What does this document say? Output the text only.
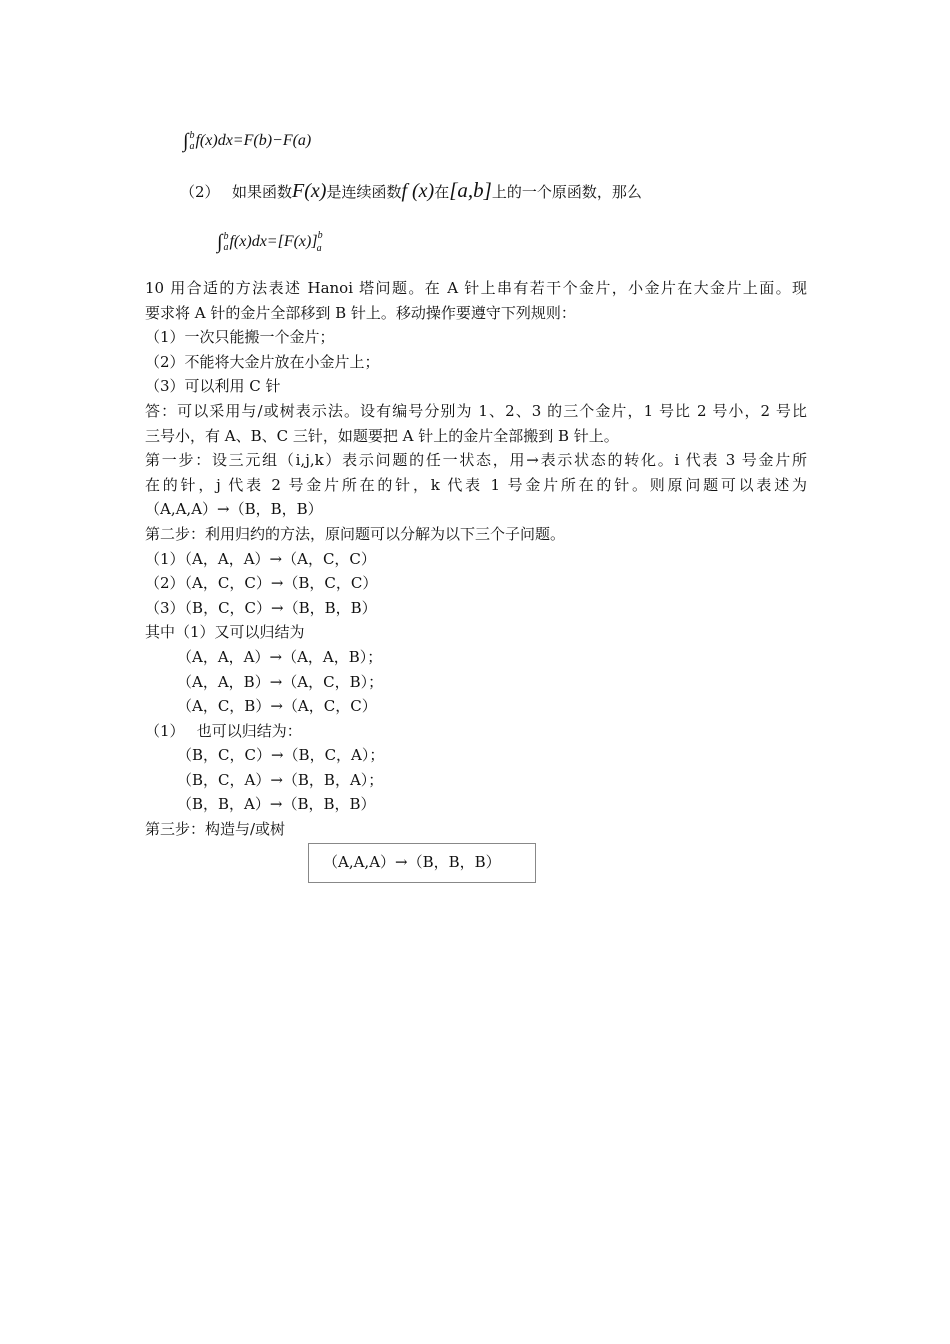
∫ b
a f(x)dx=F(b)−F(a)
（2） 如果函数F(x)是连续函数f (x)在[a,b]上的一个原函数，那么
∫ b
a $f(x)dx=[F(x)]^b_a$

10 用合适的方法表述 Hanoi 塔问题。在 A 针上串有若干个金片，小金片在大金片上面。现

要求将 A 针的金片全部移到 B 针上。移动操作要遵守下列规则：

（1）一次只能搬一个金片；

（2）不能将大金片放在小金片上；

（3）可以利用 C 针

答：可以采用与/或树表示法。设有编号分别为 1、2、3 的三个金片，1 号比 2 号小，2 号比

三号小，有 A、B、C 三针，如题要把 A 针上的金片全部搬到 B 针上。

第一步：设三元组（i,j,k）表示问题的任一状态，用→表示状态的转化。i 代表 3 号金片所

在的针，j 代表 2 号金片所在的针，k 代表 1 号金片所在的针。则原问题可以表述为

（A,A,A）→（B，B，B）

第二步：利用归约的方法，原问题可以分解为以下三个子问题。

（1）（A，A，A）→（A，C，C）

（2）（A，C，C）→（B，C，C）

（3）（B，C，C）→（B，B，B）

其中（1）又可以归结为

（A，A，A）→（A，A，B）；

（A，A，B）→（A，C，B）；

（A，C，B）→（A，C，C）

（1）　 也可以归结为：

（B，C，C）→（B，C，A）；

（B，C，A）→（B，B，A）；

（B，B，A）→（B，B，B）

第三步：构造与/或树

（A,A,A）→（B，B，B）
